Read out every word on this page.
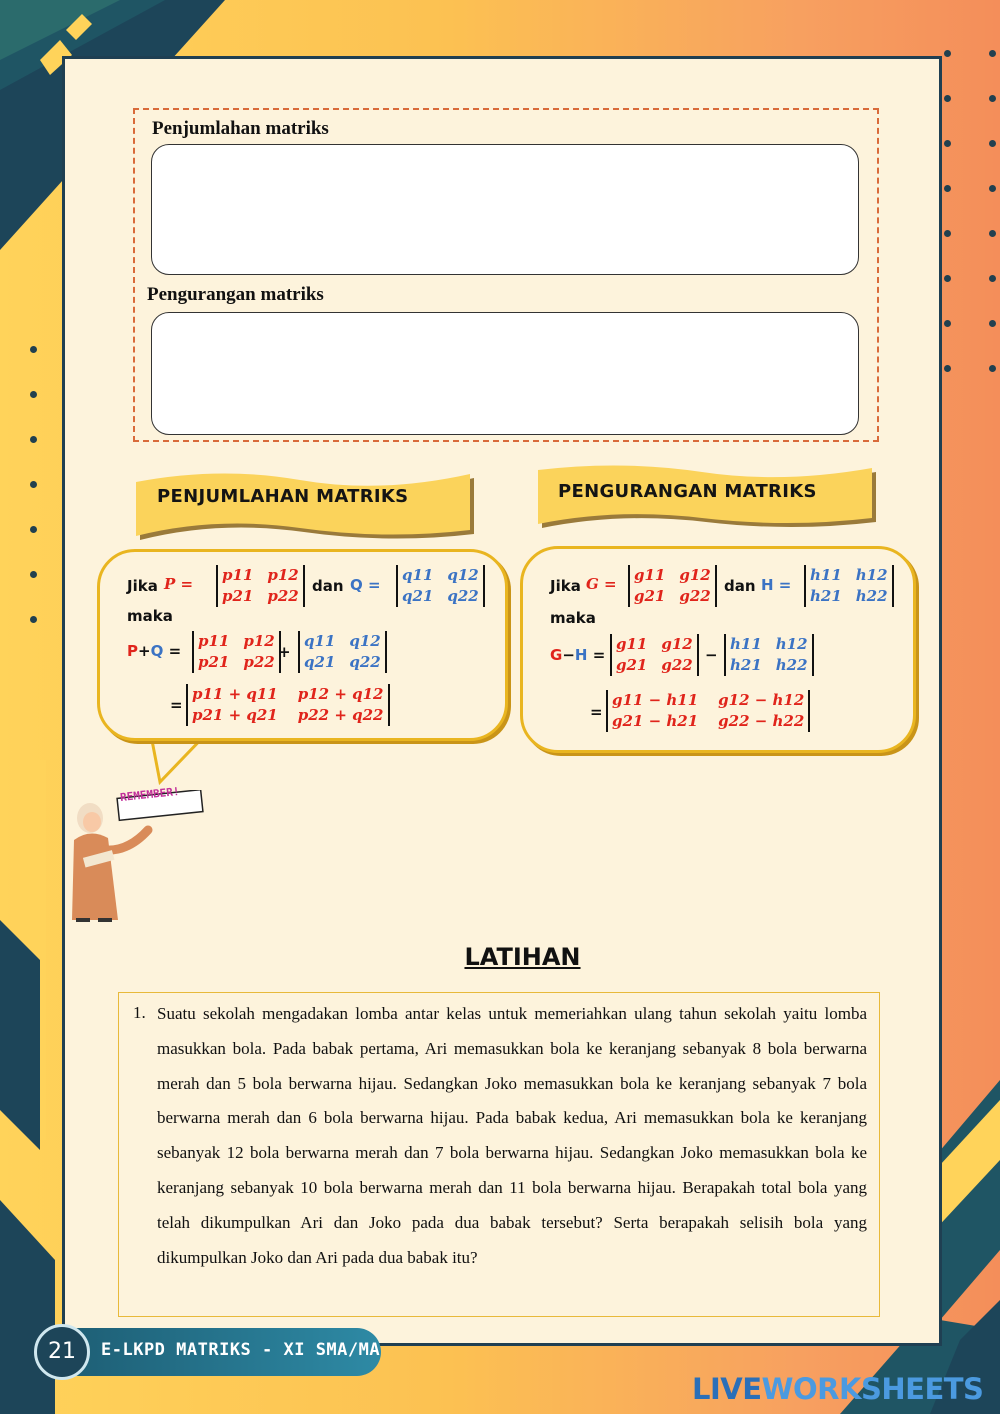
Penjumlahan matriks
Pengurangan matriks
PENJUMLAHAN MATRIKS	PENGURANGAN MATRIKS
Jika P = p11 p12
p21 p22
dan Q =
q11 q12
q21 q22
maka
P+Q =
p11 p12
p21 p22
+
q11 q12
q21 q22
=
p11 + q11 p12 + q12
p21 + q21 p22 + q22
Jika G = g11 g12
g21 g22
dan H =
h11 h12
h21 h22
maka
G−H =
g11 g12
g21 g22
−
h11 h12
h21 h22
=
g11 − h11 g12 − h12
g21 − h21 g22 − h22
REMEMBER!
LATIHAN
1. Suatu sekolah mengadakan lomba antar kelas untuk memeriahkan ulang tahun sekolah yaitu lomba masukkan bola. Pada babak pertama, Ari memasukkan bola ke keranjang sebanyak 8 bola berwarna merah dan 5 bola berwarna hijau. Sedangkan Joko memasukkan bola ke keranjang sebanyak 7 bola berwarna merah dan 6 bola berwarna hijau. Pada babak kedua, Ari memasukkan bola ke keranjang sebanyak 12 bola berwarna merah dan 7 bola berwarna hijau. Sedangkan Joko memasukkan bola ke keranjang sebanyak 10 bola berwarna merah dan 11 bola berwarna hijau. Berapakah total bola yang telah dikumpulkan Ari dan Joko pada dua babak tersebut? Serta berapakah selisih bola yang dikumpulkan Joko dan Ari pada dua babak itu?
21	E-LKPD MATRIKS - XI SMA/MA
LIVEWORKSHEETS
